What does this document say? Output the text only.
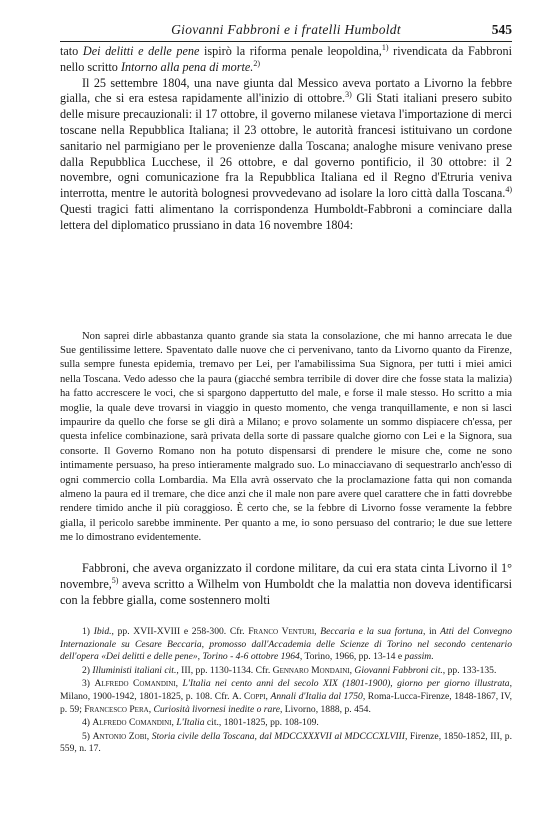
Giovanni Fabbroni e i fratelli Humboldt	545

tato Dei delitti e delle pene ispirò la riforma penale leopoldina,$^{1)}$ rivendicata da Fabbroni nello scritto Intorno alla pena di morte.$^{2)}$

Il 25 settembre 1804, una nave giunta dal Messico aveva portato a Livorno la febbre gialla, che si era estesa rapidamente all'inizio di ottobre.$^{3)}$ Gli Stati italiani presero subito delle misure precauzionali: il 17 ottobre, il governo milanese vietava l'importazione di merci toscane nella Repubblica Italiana; il 23 ottobre, le autorità francesi istituivano un cordone sanitario nel parmigiano per le provenienze dalla Toscana; analoghe misure venivano prese dalla Repubblica Lucchese, il 26 ottobre, e dal governo pontificio, il 30 ottobre: il 2 novembre, ogni comunicazione fra la Repubblica Italiana ed il Regno d'Etruria veniva interrotta, mentre le autorità bolognesi provvedevano ad isolare la loro città dalla Toscana.$^{4)}$ Questi tragici fatti alimentano la corrispondenza Humboldt-Fabbroni a cominciare dalla lettera del diplomatico prussiano in data 16 novembre 1804:

Non saprei dirle abbastanza quanto grande sia stata la consolazione, che mi hanno arrecata le due Sue gentilissime lettere. Spaventato dalle nuove che ci pervenivano, tanto da Livorno quanto da Firenze, sulla sempre funesta epidemia, tremavo per Lei, per l'amabilissima Sua Signora, per tutti i miei amici nella Toscana. Vedo adesso che la paura (giacché sembra terribile di dover dire che fosse stata la malizia) ha fatto accrescere le voci, che si spargono dappertutto del male, e forse il male stesso. Ho scritto a mia moglie, la quale deve trovarsi in viaggio in questo momento, che venga tranquillamente, e non si lasci impaurire da quello che forse se gli dirà a Milano; e provo solamente un sommo dispiacere ch'essa, per questa infelice combinazione, sarà privata della sorte di passare qualche giorno con Lei e la Signora, sua consorte. Il Governo Romano non ha potuto dispensarsi di prendere le misure che, come ne sono intimamente persuaso, ha preso intieramente malgrado suo. Lo minacciavano di sequestrarlo anch'esso di ogni commercio colla Lombardia. Ma Ella avrà osservato che la proclamazione fatta qui non comanda almeno la paura ed il tremare, che dice anzi che il male non pare avere quel carattere che in fatti dovrebbe rendere timido anche il più coraggioso. È certo che, se la febbre di Livorno fosse veramente la febbre gialla, il pericolo sarebbe imminente. Per quanto a me, io sono persuaso del contrario; le due sue lettere me lo dimostrano evidentemente.

Fabbroni, che aveva organizzato il cordone militare, da cui era stata cinta Livorno il 1° novembre,$^{5)}$ aveva scritto a Wilhelm von Humboldt che la malattia non doveva identificarsi con la febbre gialla, come sostennero molti

1) Ibid., pp. XVII-XVIII e 258-300. Cfr. Franco Venturi, Beccaria e la sua fortuna, in Atti del Convegno Internazionale su Cesare Beccaria, promosso dall'Accademia delle Scienze di Torino nel secondo centenario dell'opera «Dei delitti e delle pene», Torino - 4-6 ottobre 1964, Torino, 1966, pp. 13-14 e passim.

2) Illuministi italiani cit., III, pp. 1130-1134. Cfr. Gennaro Mondaini, Giovanni Fabbroni cit., pp. 133-135.

3) Alfredo Comandini, L'Italia nei cento anni del secolo XIX (1801-1900), giorno per giorno illustrata, Milano, 1900-1942, 1801-1825, p. 108. Cfr. A. Coppi, Annali d'Italia dal 1750, Roma-Lucca-Firenze, 1848-1867, IV, p. 59; Francesco Pera, Curiosità livornesi inedite o rare, Livorno, 1888, p. 454.

4) Alfredo Comandini, L'Italia cit., 1801-1825, pp. 108-109.

5) Antonio Zobi, Storia civile della Toscana, dal MDCCXXXVII al MDCCCXLVIII, Firenze, 1850-1852, III, p. 559, n. 17.
